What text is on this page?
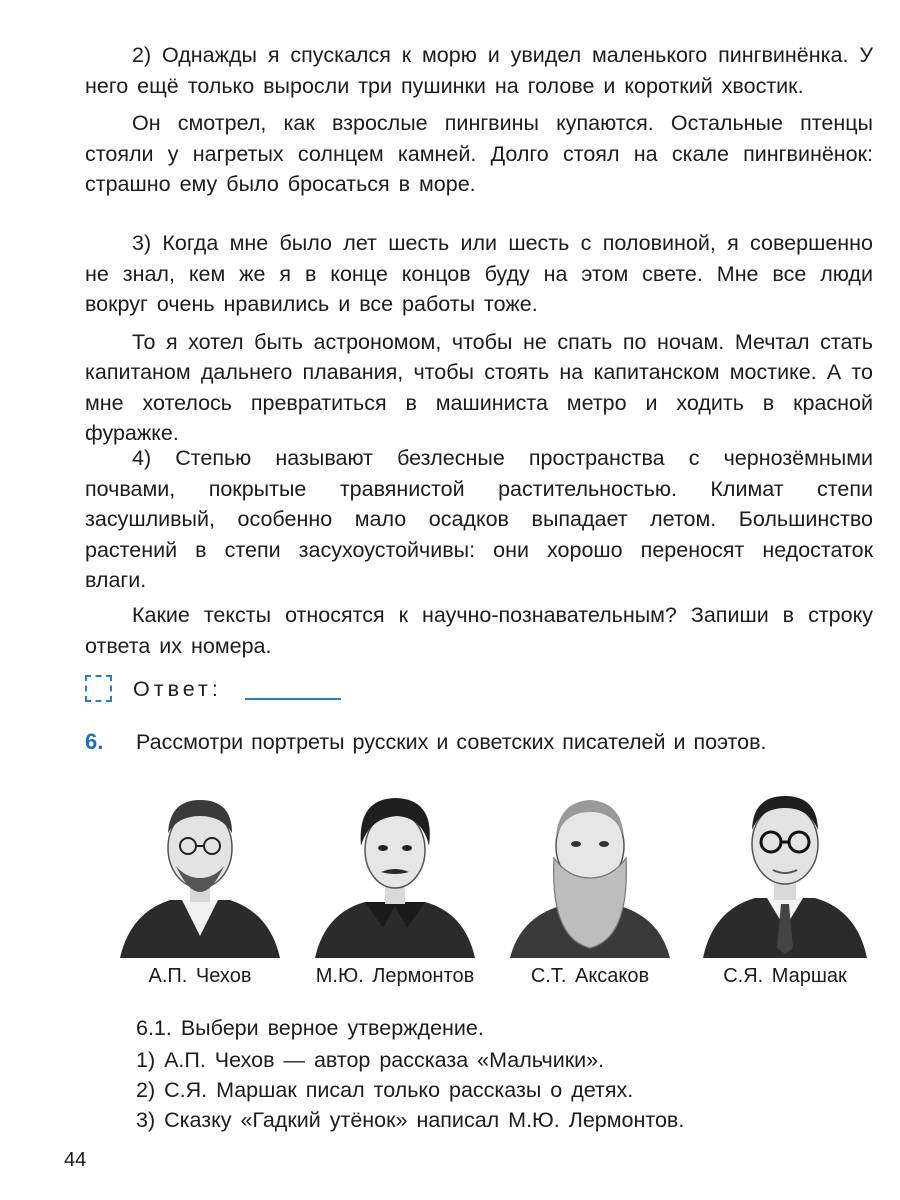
2) Однажды я спускался к морю и увидел маленького пингвинёнка. У него ещё только выросли три пушинки на голове и короткий хвостик.

Он смотрел, как взрослые пингвины купаются. Остальные птенцы стояли у нагретых солнцем камней. Долго стоял на скале пингвинёнок: страшно ему было бросаться в море.

3) Когда мне было лет шесть или шесть с половиной, я совершенно не знал, кем же я в конце концов буду на этом свете. Мне все люди вокруг очень нравились и все работы тоже.

То я хотел быть астрономом, чтобы не спать по ночам. Мечтал стать капитаном дальнего плавания, чтобы стоять на капитанском мостике. А то мне хотелось превратиться в машиниста метро и ходить в красной фуражке.

4) Степью называют безлесные пространства с чернозёмными почвами, покрытые травянистой растительностью. Климат степи засушливый, особенно мало осадков выпадает летом. Большинство растений в степи засухоустойчивы: они хорошо переносят недостаток влаги.

Какие тексты относятся к научно-познавательным? Запиши в строку ответа их номера.

Ответ:
6. Рассмотри портреты русских и советских писателей и поэтов.
А.П. Чехов	М.Ю. Лермонтов	С.Т. Аксаков	С.Я. Маршак
6.1. Выбери верное утверждение.
1) А.П. Чехов — автор рассказа «Мальчики».
2) С.Я. Маршак писал только рассказы о детях.
3) Сказку «Гадкий утёнок» написал М.Ю. Лермонтов.
44
